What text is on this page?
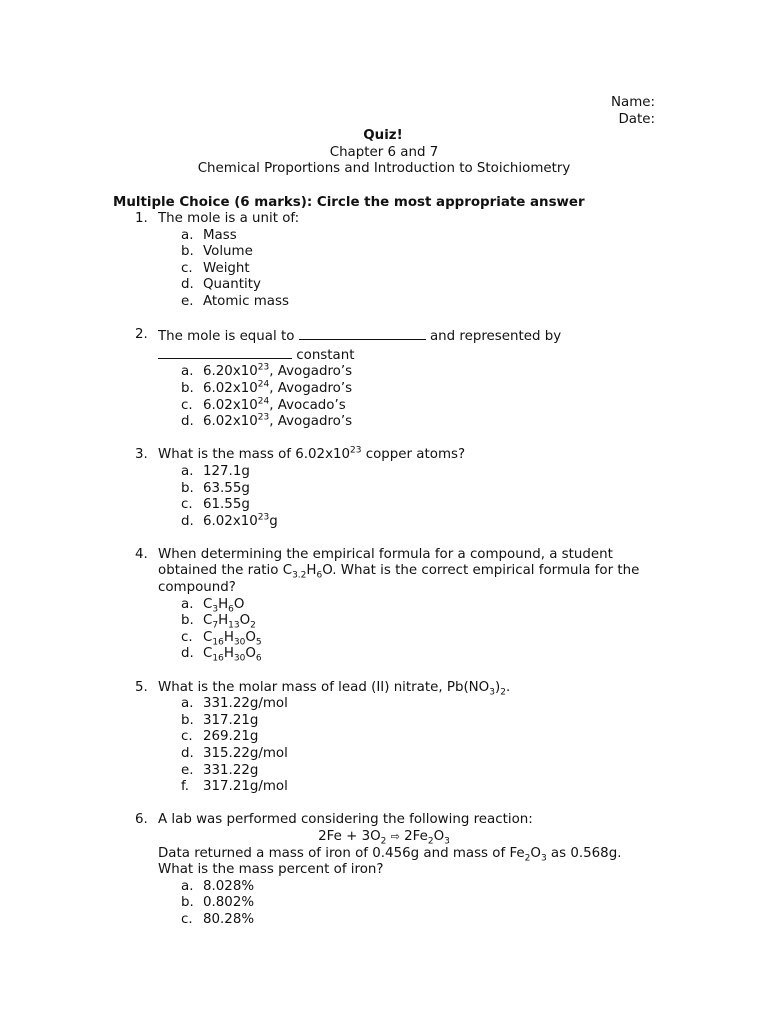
Name:
Date:
Quiz!
Chapter 6 and 7
Chemical Proportions and Introduction to Stoichiometry
Multiple Choice (6 marks): Circle the most appropriate answer
1. The mole is a unit of:
a. Mass
b. Volume
c. Weight
d. Quantity
e. Atomic mass
2. The mole is equal to	and represented by
constant
a. $6.20x10^{23}$, Avogadro’s
b. $6.02x10^{24}$, Avogadro’s
c. $6.02x10^{24}$, Avocado’s
d. $6.02x10^{23}$, Avogadro’s
3. What is the mass of $6.02x10^{23}$ copper atoms?
a. 127.1g
b. 63.55g
c. 61.55g
d. $6.02x10^{23}g$
4. When determining the empirical formula for a compound, a student
obtained the ratio $C_{3.2}H_6O$. What is the correct empirical formula for the
compound?
a. $C_3H_6O$
b. $C_7H_{13}O_2$
c. $C_{16}H_{30}O_5$
d. $C_{16}H_{30}O_6$
5. What is the molar mass of lead (II) nitrate, $Pb(NO_3)_2$.
a. 331.22g/mol
b. 317.21g
c. 269.21g
d. 315.22g/mol
e. 331.22g
f. 317.21g/mol
6. A lab was performed considering the following reaction:
$2Fe + 3O_2$ ⇨ $2Fe_2O_3$
Data returned a mass of iron of 0.456g and mass of $Fe_2O_3$ as 0.568g.
What is the mass percent of iron?
a. 8.028%
b. 0.802%
c. 80.28%
